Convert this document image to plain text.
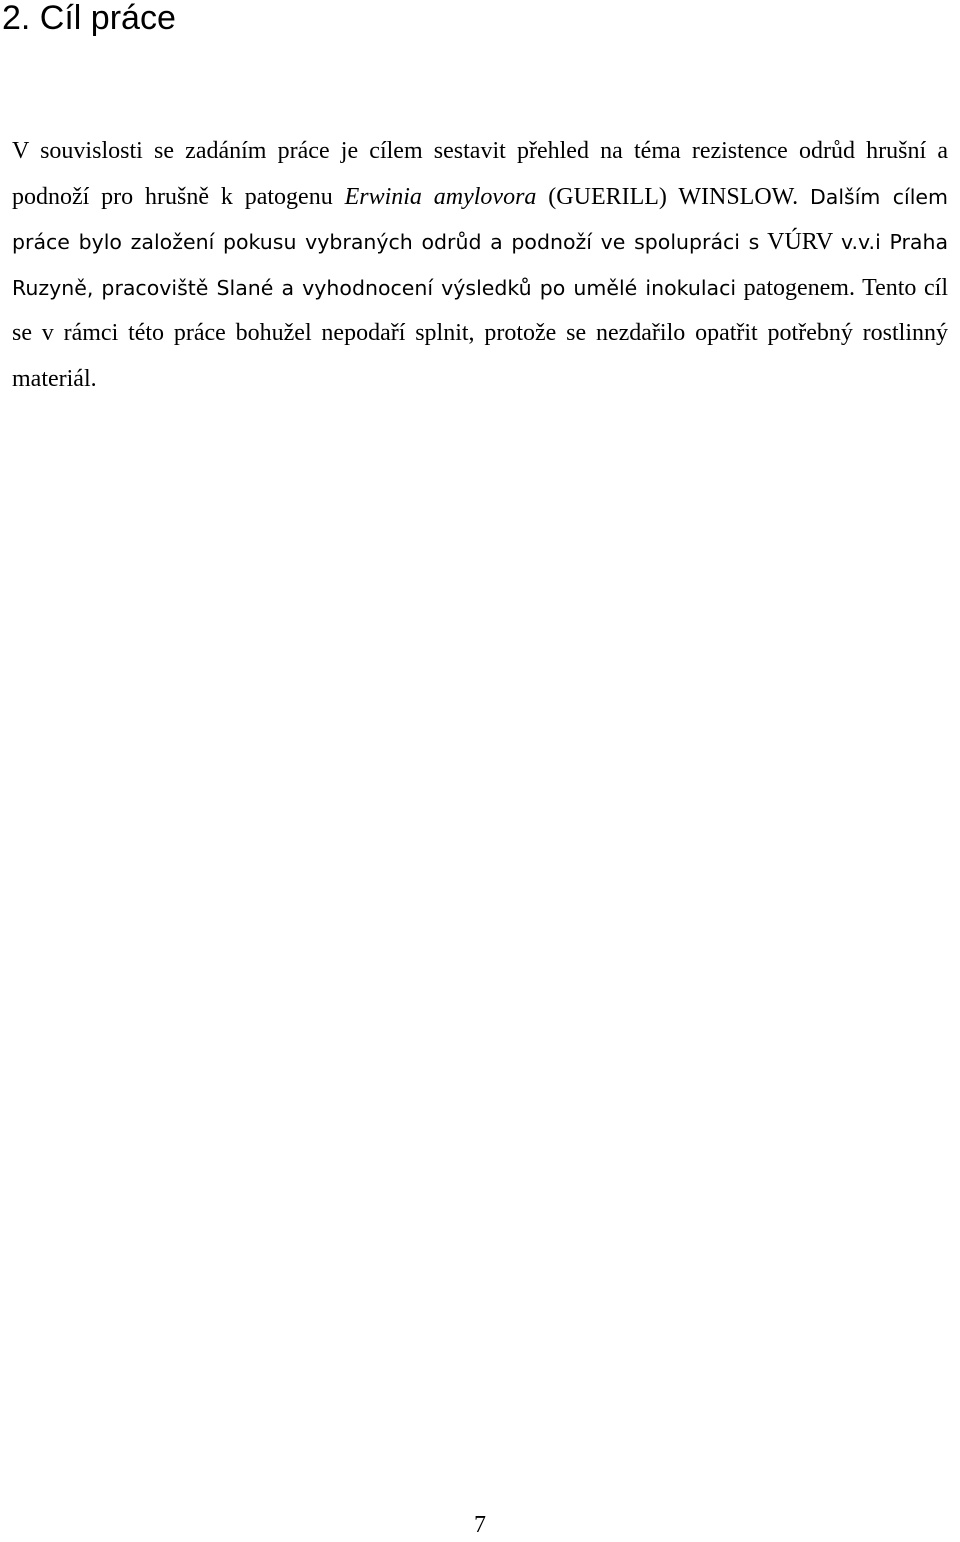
2. Cíl práce

V souvislosti se zadáním práce je cílem sestavit přehled na téma rezistence odrůd hrušní a podnoží pro hrušně k patogenu Erwinia amylovora (GUERILL) WINSLOW. Dalším cílem práce bylo založení pokusu vybraných odrůd a podnoží ve spolupráci s VÚRV v.v.i Praha Ruzyně, pracoviště Slané a vyhodnocení výsledků po umělé inokulaci patogenem. Tento cíl se v rámci této práce bohužel nepodaří splnit, protože se nezdařilo opatřit potřebný rostlinný materiál.

7
